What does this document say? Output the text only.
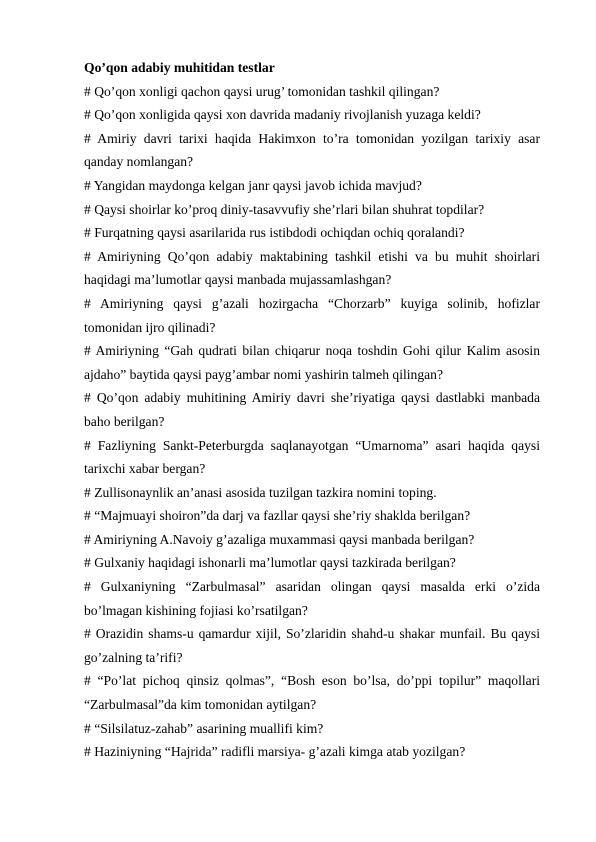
Qo’qon adabiy muhitidan testlar

# Qo’qon xonligi qachon qaysi urug’ tomonidan tashkil qilingan?

# Qo’qon xonligida qaysi xon davrida madaniy rivojlanish yuzaga keldi?

# Amiriy davri tarixi haqida Hakimxon to’ra tomonidan yozilgan tarixiy asar qanday nomlangan?

# Yangidan maydonga kelgan janr qaysi javob ichida mavjud?

# Qaysi shoirlar ko’proq diniy-tasavvufiy she’rlari bilan shuhrat topdilar?

# Furqatning qaysi asarilarida rus istibdodi ochiqdan ochiq qoralandi?

# Amiriyning Qo’qon adabiy maktabining tashkil etishi va bu muhit shoirlari haqidagi ma’lumotlar qaysi manbada mujassamlashgan?

# Amiriyning qaysi g’azali hozirgacha “Chorzarb” kuyiga solinib, hofizlar tomonidan ijro qilinadi?

# Amiriyning “Gah qudrati bilan chiqarur noqa toshdin Gohi qilur Kalim asosin ajdaho” baytida qaysi payg’ambar nomi yashirin talmeh qilingan?

# Qo’qon adabiy muhitining Amiriy davri she’riyatiga qaysi dastlabki manbada baho berilgan?

# Fazliyning Sankt-Peterburgda saqlanayotgan “Umarnoma” asari haqida qaysi tarixchi xabar bergan?

# Zullisonaynlik an’anasi asosida tuzilgan tazkira nomini toping.

# “Majmuayi shoiron”da darj va fazllar qaysi she’riy shaklda berilgan?

# Amiriyning A.Navoiy g’azaliga muxammasi qaysi manbada berilgan?

# Gulxaniy haqidagi ishonarli ma’lumotlar qaysi tazkirada berilgan?

# Gulxaniyning “Zarbulmasal” asaridan olingan qaysi masalda erki o’zida bo’lmagan kishining fojiasi ko’rsatilgan?

# Orazidin shams-u qamardur xijil, So’zlaridin shahd-u shakar munfail. Bu qaysi go’zalning ta’rifi?

# “Po’lat pichoq qinsiz qolmas”, “Bosh eson bo’lsa, do’ppi topilur” maqollari “Zarbulmasal”da kim tomonidan aytilgan?

# “Silsilatuz-zahab” asarining muallifi kim?

# Haziniyning “Hajrida” radifli marsiya- g’azali kimga atab yozilgan?
